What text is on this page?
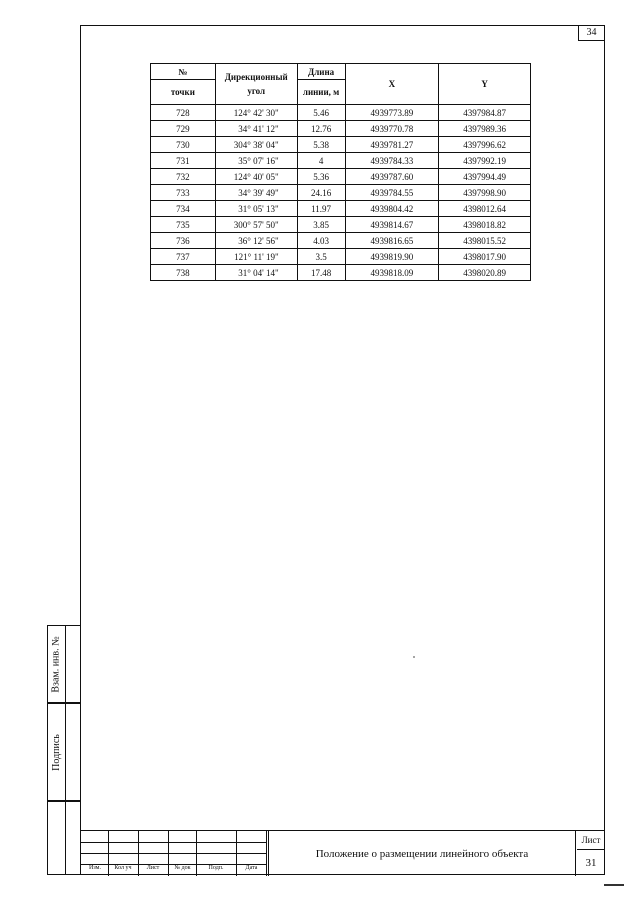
34
Взам. инв. №
Подпись
№	Дирекционный угол	Длина	X	Y
точки		линии, м		
728	124° 42' 30"	5.46	4939773.89	4397984.87
729	34° 41' 12"	12.76	4939770.78	4397989.36
730	304° 38' 04"	5.38	4939781.27	4397996.62
731	35° 07' 16"	4	4939784.33	4397992.19
732	124° 40' 05"	5.36	4939787.60	4397994.49
733	34° 39' 49"	24.16	4939784.55	4397998.90
734	31° 05' 13"	11.97	4939804.42	4398012.64
735	300° 57' 50"	3.85	4939814.67	4398018.82
736	36° 12' 56"	4.03	4939816.65	4398015.52
737	121° 11' 19"	3.5	4939819.90	4398017.90
738	31° 04' 14"	17.48	4939818.09	4398020.89
Изм.	Кол уч	Лист	№ док	Подп.	Дата
Положение о размещении линейного объекта
Лист
31
